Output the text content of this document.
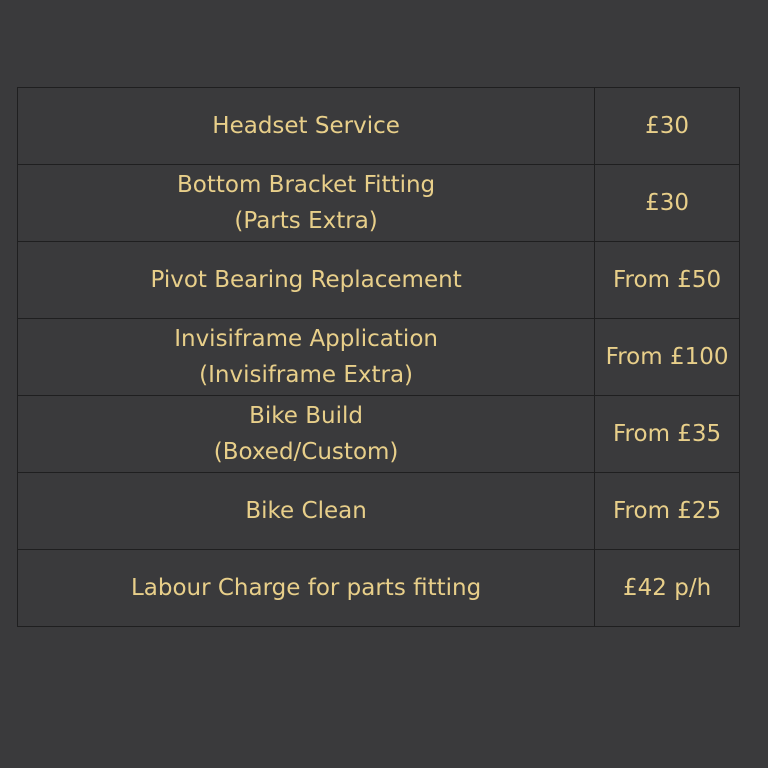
Headset Service	£30

Bottom Bracket Fitting
(Parts Extra)	£30

Pivot Bearing Replacement	From £50

Invisiframe Application
(Invisiframe Extra)	From £100

Bike Build
(Boxed/Custom)	From £35

Bike Clean	From £25

Labour Charge for parts fitting	£42 p/h
